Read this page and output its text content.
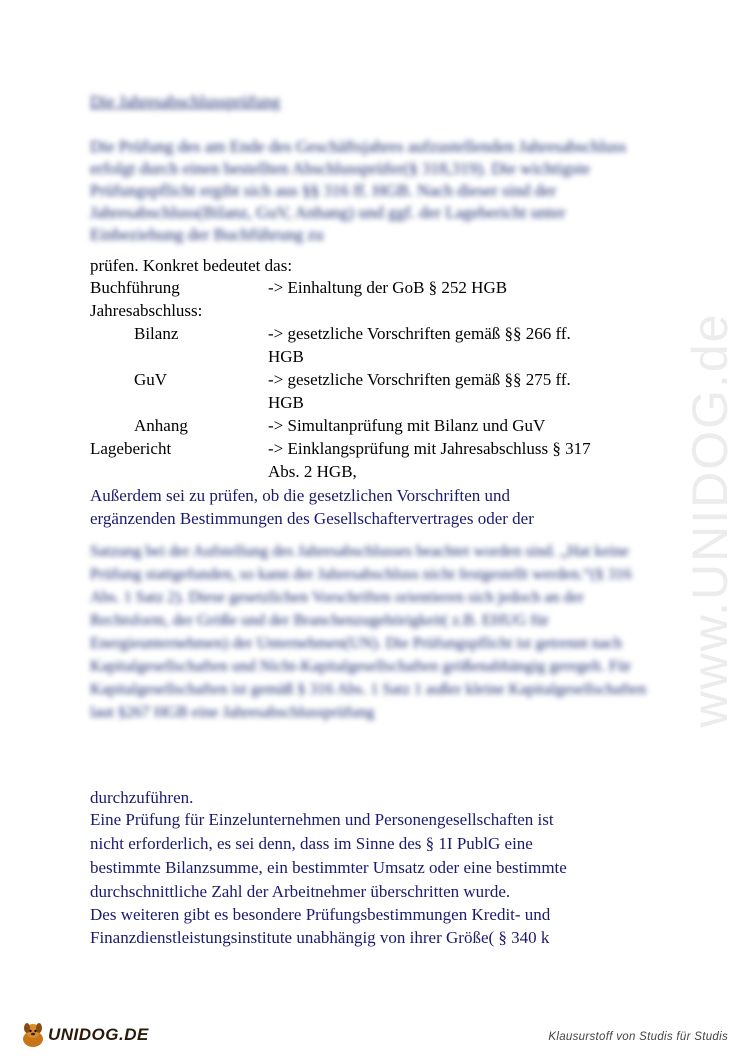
www.UNIDOG.de
Die Jahresabschlussprüfung
Die Prüfung des am Ende des Geschäftsjahres aufzustellenden Jahresabschluss erfolgt durch einen bestellten Abschlussprüfer(§ 318,319). Die wichtigste Prüfungspflicht ergibt sich aus §§ 316 ff. HGB. Nach dieser sind der Jahresabschluss(Bilanz, GuV, Anhang) und ggf. der Lagebericht unter Einbeziehung der Buchführung zu
prüfen. Konkret bedeutet das:
Buchführung	-> Einhaltung der GoB § 252 HGB
Jahresabschluss:
Bilanz	-> gesetzliche Vorschriften gemäß §§ 266 ff.
HGB
GuV	-> gesetzliche Vorschriften gemäß §§ 275 ff.
HGB
Anhang	-> Simultanprüfung mit Bilanz und GuV
Lagebericht	-> Einklangsprüfung mit Jahresabschluss § 317
Abs. 2 HGB,
Außerdem sei zu prüfen, ob die gesetzlichen Vorschriften und
ergänzenden Bestimmungen des Gesellschaftervertrages oder der
Satzung bei der Aufstellung des Jahresabschlusses beachtet worden sind. „Hat keine Prüfung stattgefunden, so kann der Jahresabschluss nicht festgestellt werden.“(§ 316 Abs. 1 Satz 2). Diese gesetzlichen Vorschriften orientieren sich jedoch an der Rechtsform, der Größe und der Branchenzugehörigkeit( z.B. EHUG für Energieunternehmen) der Unternehmen(UN). Die Prüfungspflicht ist getrennt nach Kapitalgesellschaften und Nicht-Kapitalgesellschaften größenabhängig geregelt. Für Kapitalgesellschaften ist gemäß § 316 Abs. 1 Satz 1 außer kleine Kapitalgesellschaften laut §267 HGB eine Jahresabschlussprüfung
durchzuführen.
Eine Prüfung für Einzelunternehmen und Personengesellschaften ist
nicht erforderlich, es sei denn, dass im Sinne des § 1I PublG eine
bestimmte Bilanzsumme, ein bestimmter Umsatz oder eine bestimmte
durchschnittliche Zahl der Arbeitnehmer überschritten wurde.
Des weiteren gibt es besondere Prüfungsbestimmungen Kredit- und
Finanzdienstleistungsinstitute unabhängig von ihrer Größe( § 340 k
UNIDOG.DE	Klausurstoff von Studis für Studis
